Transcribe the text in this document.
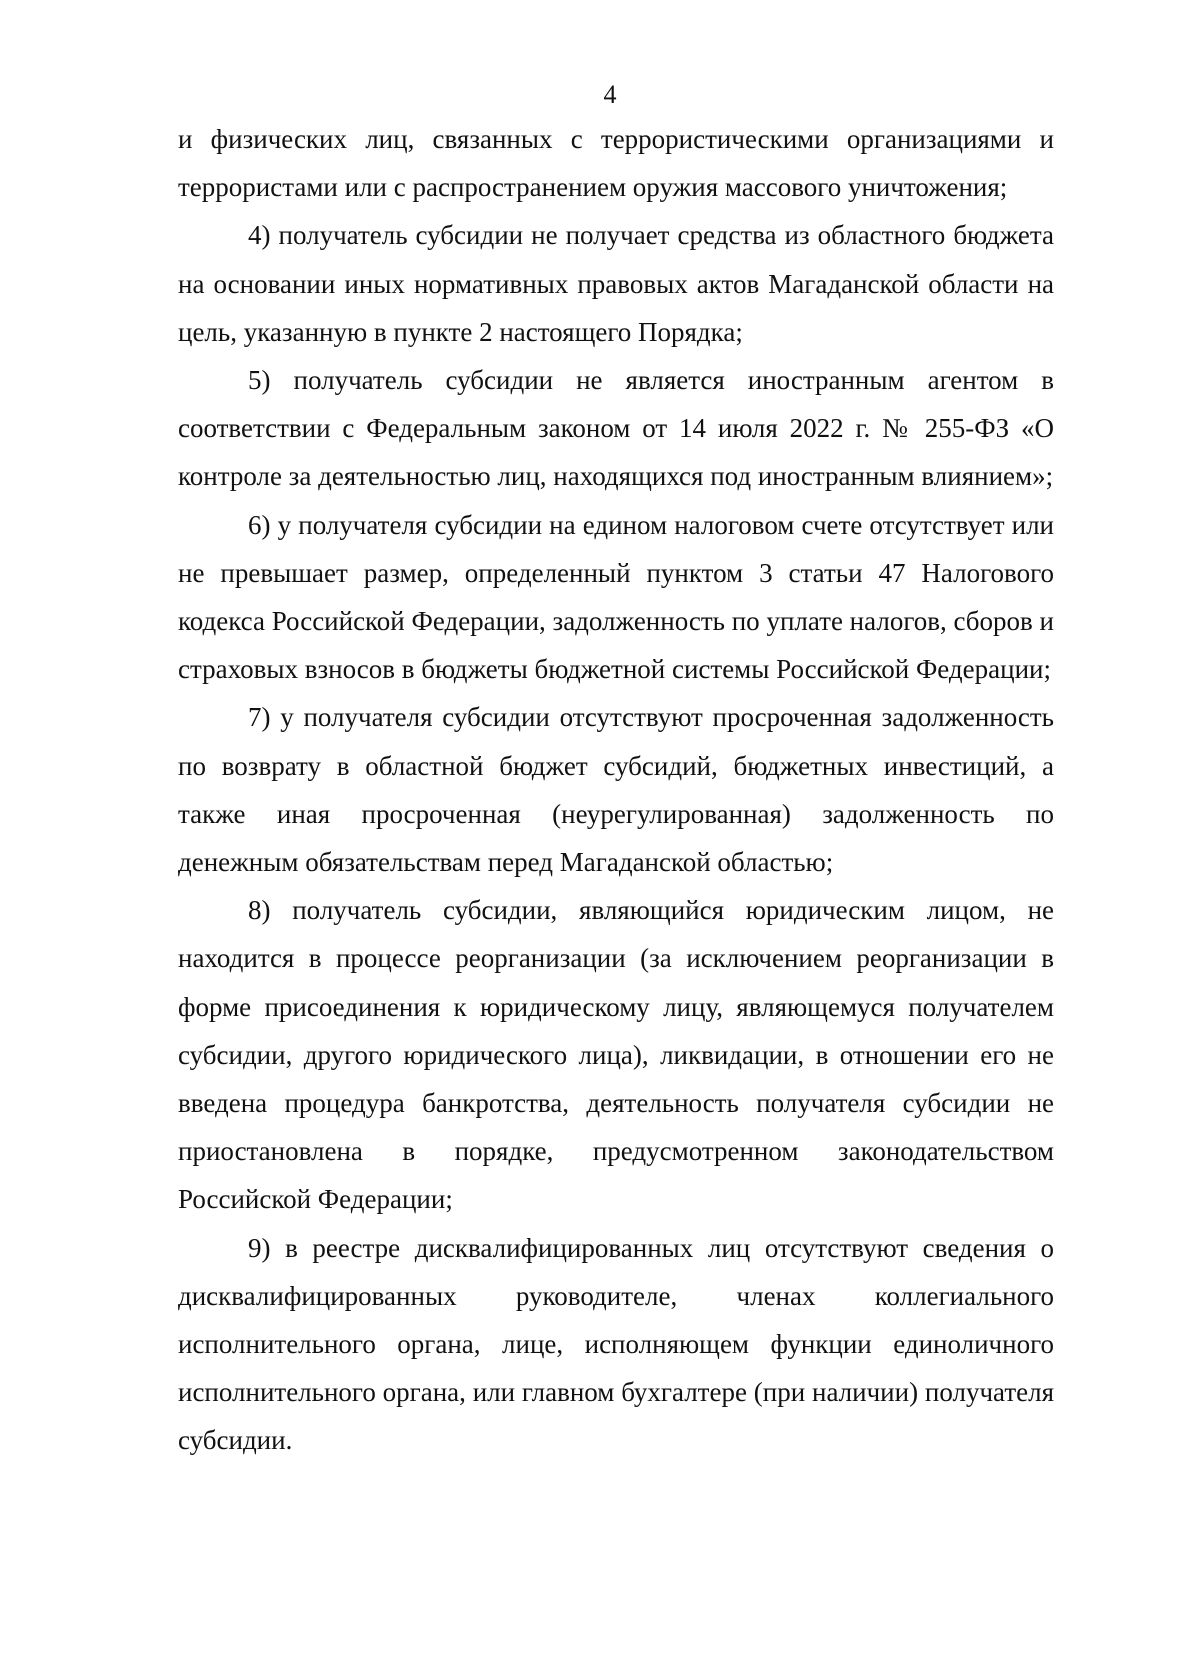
4

и физических лиц, связанных с террористическими организациями и террористами или с распространением оружия массового уничтожения;

4) получатель субсидии не получает средства из областного бюджета на основании иных нормативных правовых актов Магаданской области на цель, указанную в пункте 2 настоящего Порядка;

5) получатель субсидии не является иностранным агентом в соответствии с Федеральным законом от 14 июля 2022 г. № 255-ФЗ «О контроле за деятельностью лиц, находящихся под иностранным влиянием»;

6) у получателя субсидии на едином налоговом счете отсутствует или не превышает размер, определенный пунктом 3 статьи 47 Налогового кодекса Российской Федерации, задолженность по уплате налогов, сборов и страховых взносов в бюджеты бюджетной системы Российской Федерации;

7) у получателя субсидии отсутствуют просроченная задолженность по возврату в областной бюджет субсидий, бюджетных инвестиций, а также иная просроченная (неурегулированная) задолженность по денежным обязательствам перед Магаданской областью;

8) получатель субсидии, являющийся юридическим лицом, не находится в процессе реорганизации (за исключением реорганизации в форме присоединения к юридическому лицу, являющемуся получателем субсидии, другого юридического лица), ликвидации, в отношении его не введена процедура банкротства, деятельность получателя субсидии не приостановлена в порядке, предусмотренном законодательством Российской Федерации;

9) в реестре дисквалифицированных лиц отсутствуют сведения о дисквалифицированных руководителе, членах коллегиального исполнительного органа, лице, исполняющем функции единоличного исполнительного органа, или главном бухгалтере (при наличии) получателя субсидии.
